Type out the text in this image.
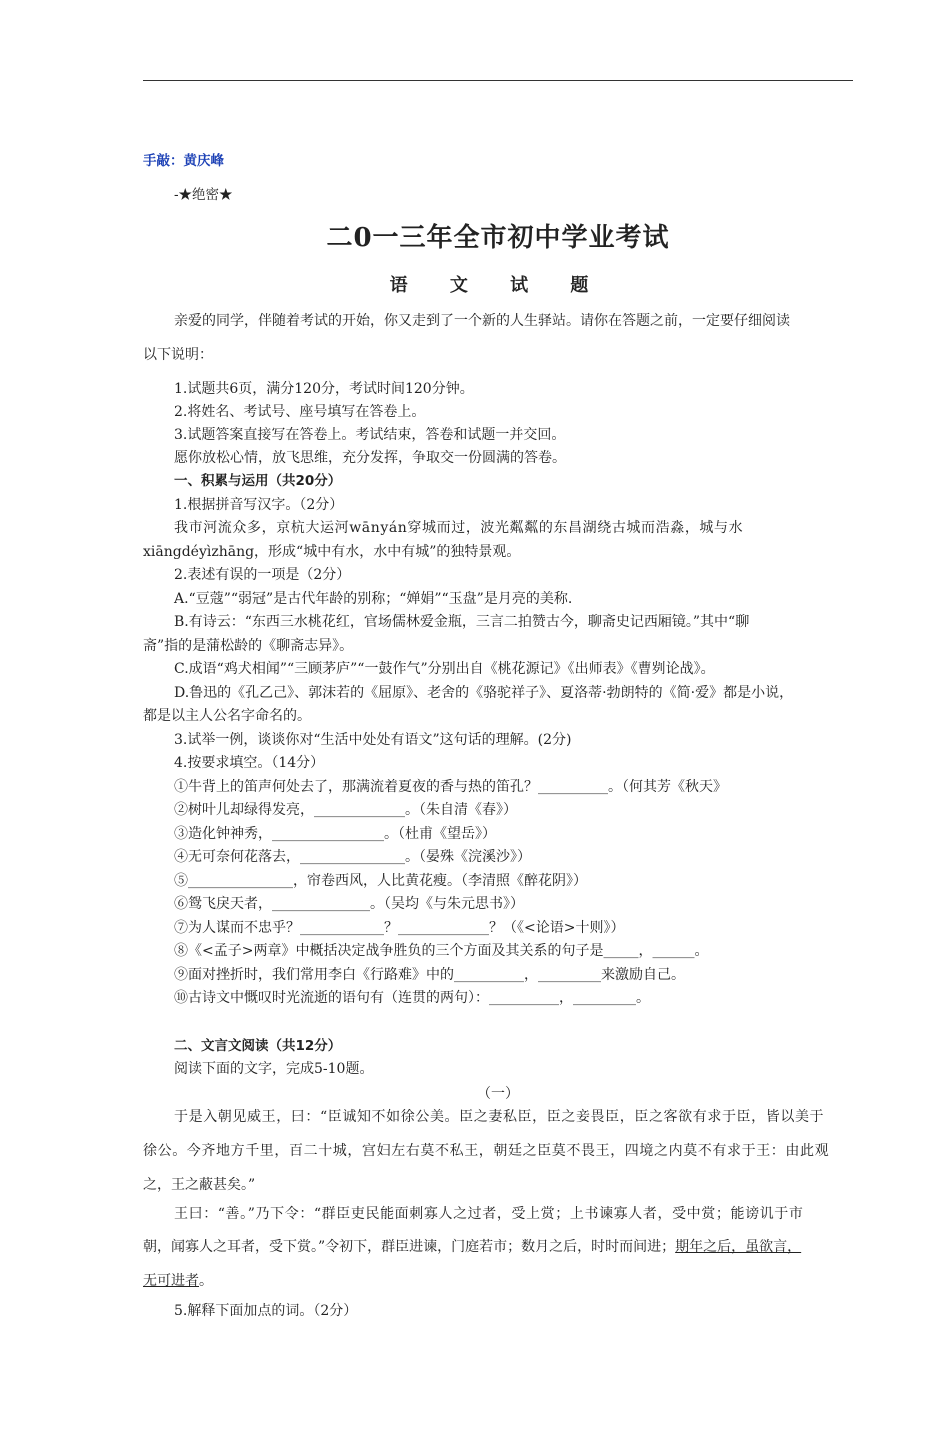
手敲：黄庆峰
-★绝密★
二0一三年全市初中学业考试
语 文 试 题
亲爱的同学，伴随着考试的开始，你又走到了一个新的人生驿站。请你在答题之前，一定要仔细阅读
以下说明：
1.试题共6页，满分120分，考试时间120分钟。
2.将姓名、考试号、座号填写在答卷上。
3.试题答案直接写在答卷上。考试结束，答卷和试题一并交回。
愿你放松心情，放飞思维，充分发挥，争取交一份圆满的答卷。
一、积累与运用（共20分）
1.根据拼音写汉字。（2分）
我市河流众多，京杭大运河wānyán穿城而过，波光粼粼的东昌湖绕古城而浩淼，城与水
xiāngdéyìzhāng，形成“城中有水，水中有城”的独特景观。
2.表述有误的一项是（2分）
A.“豆蔻”“弱冠”是古代年龄的别称；“婵娟”“玉盘”是月亮的美称.
B.有诗云：“东西三水桃花红，官场儒林爱金瓶，三言二拍赞古今，聊斋史记西厢镜。”其中“聊
斋”指的是蒲松龄的《聊斋志异》。
C.成语“鸡犬相闻”“三顾茅庐”“一鼓作气”分别出自《桃花源记》《出师表》《曹刿论战》。
D.鲁迅的《孔乙己》、郭沫若的《屈原》、老舍的《骆驼祥子》、夏洛蒂·勃朗特的《简·爱》都是小说，
都是以主人公名字命名的。
3.试举一例，谈谈你对“生活中处处有语文”这句话的理解。(2分)
4.按要求填空。（14分）
①牛背上的笛声何处去了，那满流着夏夜的香与热的笛孔？__________。（何其芳《秋天》
②树叶儿却绿得发亮，_____________。（朱自清《春》）
③造化钟神秀，________________。（杜甫《望岳》）
④无可奈何花落去，_______________。（晏殊《浣溪沙》）
⑤_______________，帘卷西风，人比黄花瘦。（李清照《醉花阴》）
⑥鸳飞戾天者，______________。（吴均《与朱元思书》）
⑦为人谋而不忠乎？____________？_____________？（《<论语>十则》）
⑧《<孟子>两章》中概括决定战争胜负的三个方面及其关系的句子是_____，______。
⑨面对挫折时，我们常用李白《行路难》中的__________，_________来激励自己。
⑩古诗文中慨叹时光流逝的语句有（连贯的两句）：__________，_________。
二、文言文阅读（共12分）
阅读下面的文字，完成5-10题。
（一）
于是入朝见威王，曰：“臣诚知不如徐公美。臣之妻私臣，臣之妾畏臣，臣之客欲有求于臣，皆以美于
徐公。今齐地方千里，百二十城，宫妇左右莫不私王，朝廷之臣莫不畏王，四境之内莫不有求于王：由此观
之，王之蔽甚矣。”
王曰：“善。”乃下令：“群臣吏民能面刺寡人之过者，受上赏；上书谏寡人者，受中赏；能谤讥于市
朝，闻寡人之耳者，受下赏。”令初下，群臣进谏，门庭若市；数月之后，时时而间进；期年之后，虽欲言，
无可进者。
5.解释下面加点的词。（2分）
